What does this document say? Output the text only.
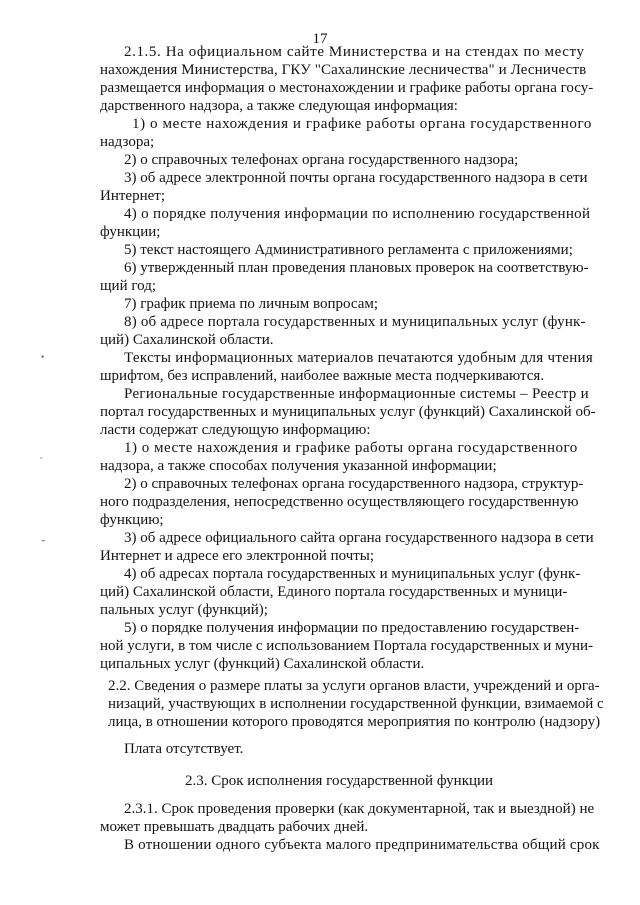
17
2.1.5. На официальном сайте Министерства и на стендах по месту
нахождения Министерства, ГКУ "Сахалинские лесничества" и Лесничеств
размещается информация о местонахождении и графике работы органа госу-
дарственного надзора, а также следующая информация:
1) о месте нахождения и графике работы органа государственного
надзора;
2) о справочных телефонах органа государственного надзора;
3) об адресе электронной почты органа государственного надзора в сети
Интернет;
4) о порядке получения информации по исполнению государственной
функции;
5) текст настоящего Административного регламента с приложениями;
6) утвержденный план проведения плановых проверок на соответствую-
щий год;
7) график приема по личным вопросам;
8) об адресе портала государственных и муниципальных услуг (функ-
ций) Сахалинской области.
Тексты информационных материалов печатаются удобным для чтения
шрифтом, без исправлений, наиболее важные места подчеркиваются.
Региональные государственные информационные системы – Реестр и
портал государственных и муниципальных услуг (функций) Сахалинской об-
ласти содержат следующую информацию:
1) о месте нахождения и графике работы органа государственного
надзора, а также способах получения указанной информации;
2) о справочных телефонах органа государственного надзора, структур-
ного подразделения, непосредственно осуществляющего государственную
функцию;
3) об адресе официального сайта органа государственного надзора в сети
Интернет и адресе его электронной почты;
4) об адресах портала государственных и муниципальных услуг (функ-
ций) Сахалинской области, Единого портала государственных и муници-
пальных услуг (функций);
5) о порядке получения информации по предоставлению государствен-
ной услуги, в том числе с использованием Портала государственных и муни-
ципальных услуг (функций) Сахалинской области.
2.2. Сведения о размере платы за услуги органов власти, учреждений и орга-
низаций, участвующих в исполнении государственной функции, взимаемой с
лица, в отношении которого проводятся мероприятия по контролю (надзору)
Плата отсутствует.
2.3. Срок исполнения государственной функции
2.3.1. Срок проведения проверки (как документарной, так и выездной) не
может превышать двадцать рабочих дней.
В отношении одного субъекта малого предпринимательства общий срок
•
˛
⁃
